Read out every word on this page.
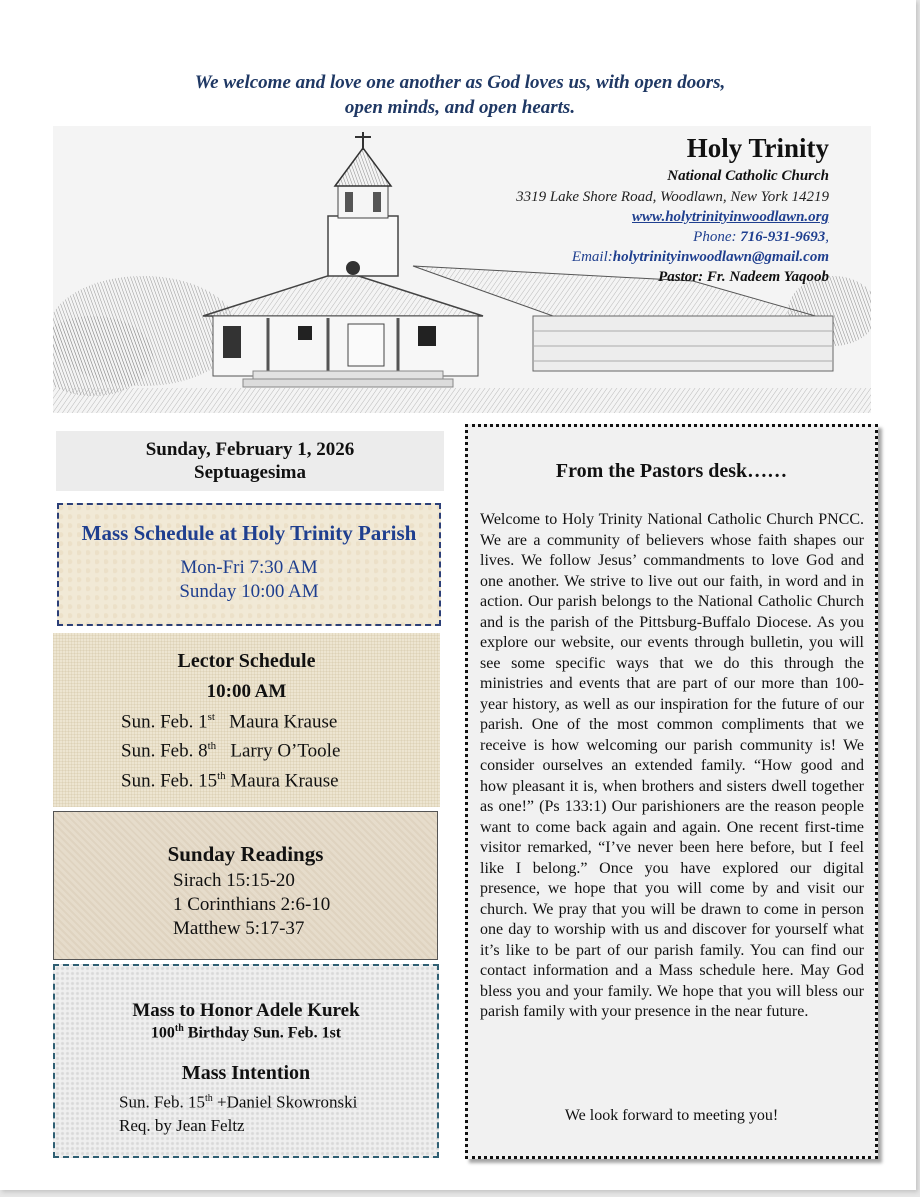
We welcome and love one another as God loves us, with open doors,
open minds, and open hearts.
Holy Trinity
National Catholic Church
3319 Lake Shore Road, Woodlawn, New York 14219
www.holytrinityinwoodlawn.org
Phone: 716-931-9693,
Email:holytrinityinwoodlawn@gmail.com
Pastor: Fr. Nadeem Yaqoob
Sunday, February 1, 2026
Septuagesima
Mass Schedule at Holy Trinity Parish
Mon-Fri 7:30 AM
Sunday 10:00 AM
Lector Schedule
10:00 AM
Sun. Feb. 1st Maura Krause
Sun. Feb. 8th Larry O’Toole
Sun. Feb. 15th Maura Krause
Sunday Readings
Sirach 15:15-20
1 Corinthians 2:6-10
Matthew 5:17-37
Mass to Honor Adele Kurek
100th Birthday Sun. Feb. 1st
Mass Intention
Sun. Feb. 15th +Daniel Skowronski
Req. by Jean Feltz
From the Pastors desk……
Welcome to Holy Trinity National Catholic Church PNCC. We are a community of believers whose faith shapes our lives. We follow Jesus’ commandments to love God and one another. We strive to live out our faith, in word and in action. Our parish belongs to the National Catholic Church and is the parish of the Pittsburg-Buffalo Diocese. As you explore our website, our events through bulletin, you will see some specific ways that we do this through the ministries and events that are part of our more than 100-year history, as well as our inspiration for the future of our parish. One of the most common compliments that we receive is how welcoming our parish community is! We consider ourselves an extended family. “How good and how pleasant it is, when brothers and sisters dwell together as one!” (Ps 133:1) Our parishioners are the reason people want to come back again and again. One recent first-time visitor remarked, “I’ve never been here before, but I feel like I belong.” Once you have explored our digital presence, we hope that you will come by and visit our church. We pray that you will be drawn to come in person one day to worship with us and discover for yourself what it’s like to be part of our parish family. You can find our contact information and a Mass schedule here. May God bless you and your family. We hope that you will bless our parish family with your presence in the near future.
We look forward to meeting you!
